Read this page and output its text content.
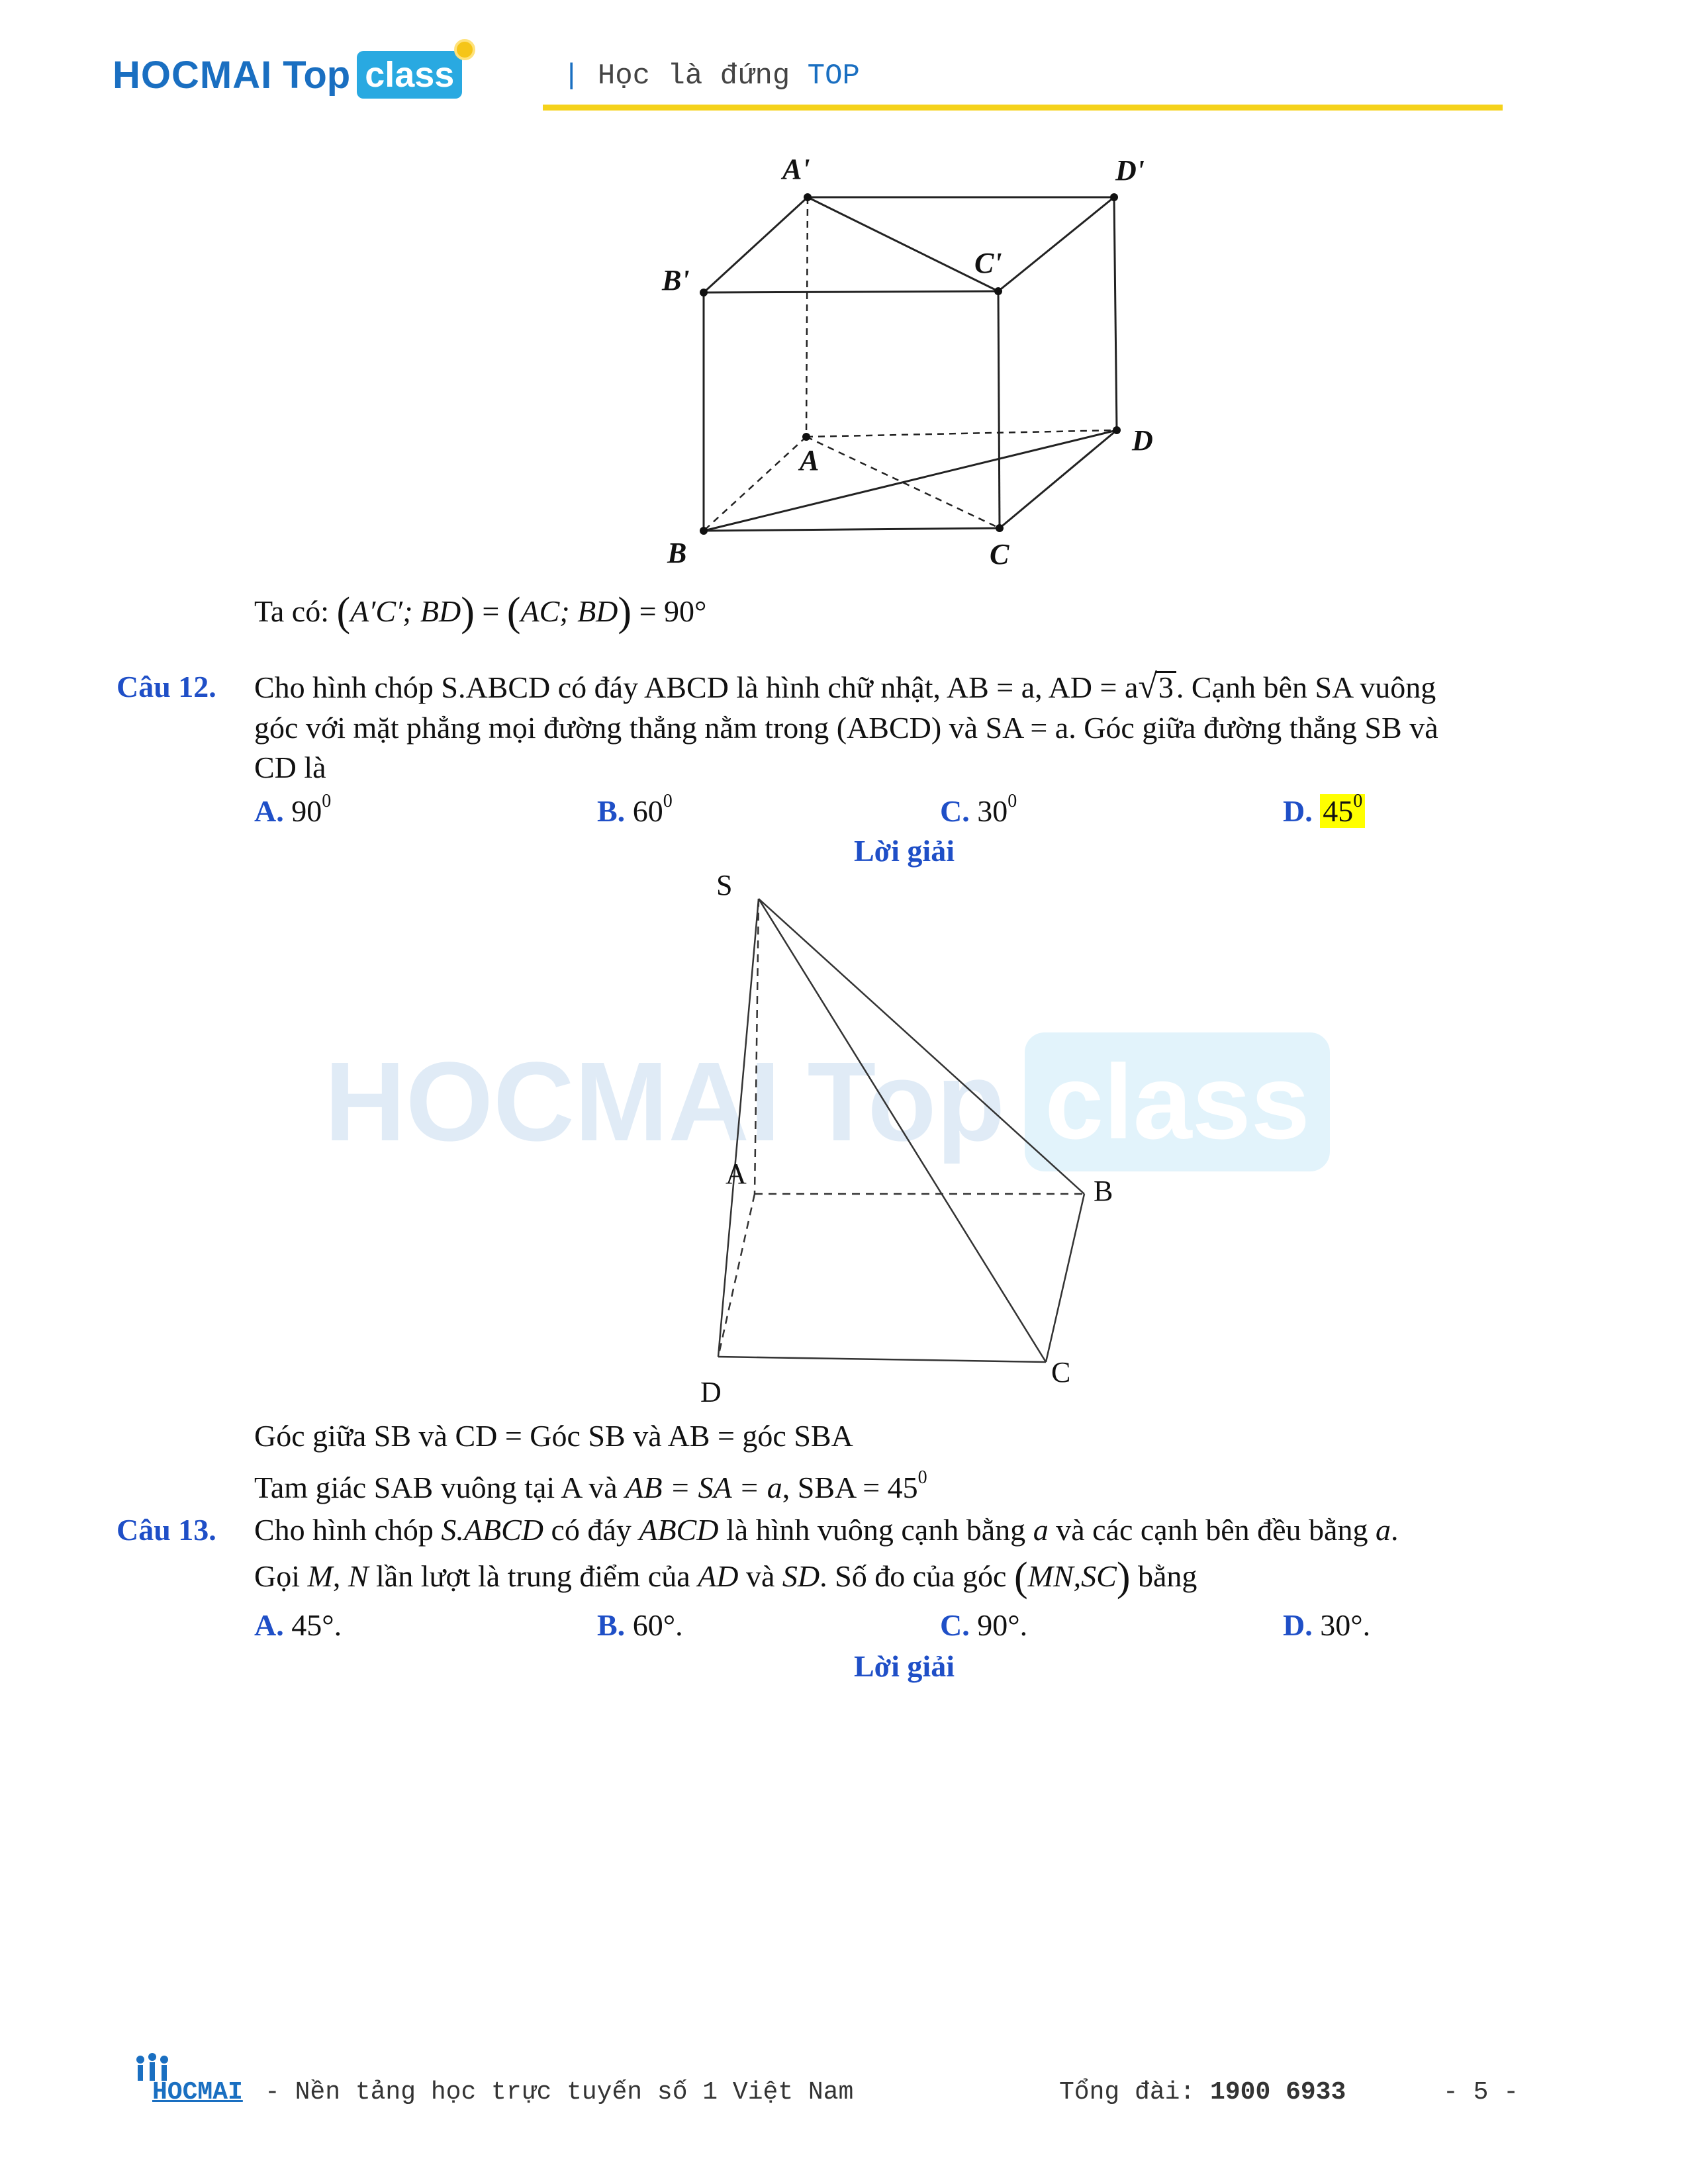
HOCMAI Top class	| Học là đứng TOP
HOCMAI Top class
A'	D'
B'
C'
A
D
B	C
Ta có: (A′C′; BD) = (AC; BD) = 90°
Câu 12. Cho hình chóp S.ABCD có đáy ABCD là hình chữ nhật, AB = a, AD = a√3. Cạnh bên SA vuông
góc với mặt phẳng mọi đường thẳng nằm trong (ABCD) và SA = a. Góc giữa đường thẳng SB và
CD là
A. $90^0$	B. $60^0$	C. $30^0$	D. $45^0$
Lời giải
S
A
B
C
D
Góc giữa SB và CD = Góc SB và AB = góc SBA
Tam giác SAB vuông tại A và AB = SA = a, SBA = $45^0$
Câu 13. Cho hình chóp S.ABCD có đáy ABCD là hình vuông cạnh bằng a và các cạnh bên đều bằng a.
Gọi M, N lần lượt là trung điểm của AD và SD. Số đo của góc (MN,SC) bằng
A. 45°.	B. 60°.	C. 90°.	D. 30°.
Lời giải
HOCMAI - Nền tảng học trực tuyến số 1 Việt Nam	Tổng đài: 1900 6933	- 5 -
